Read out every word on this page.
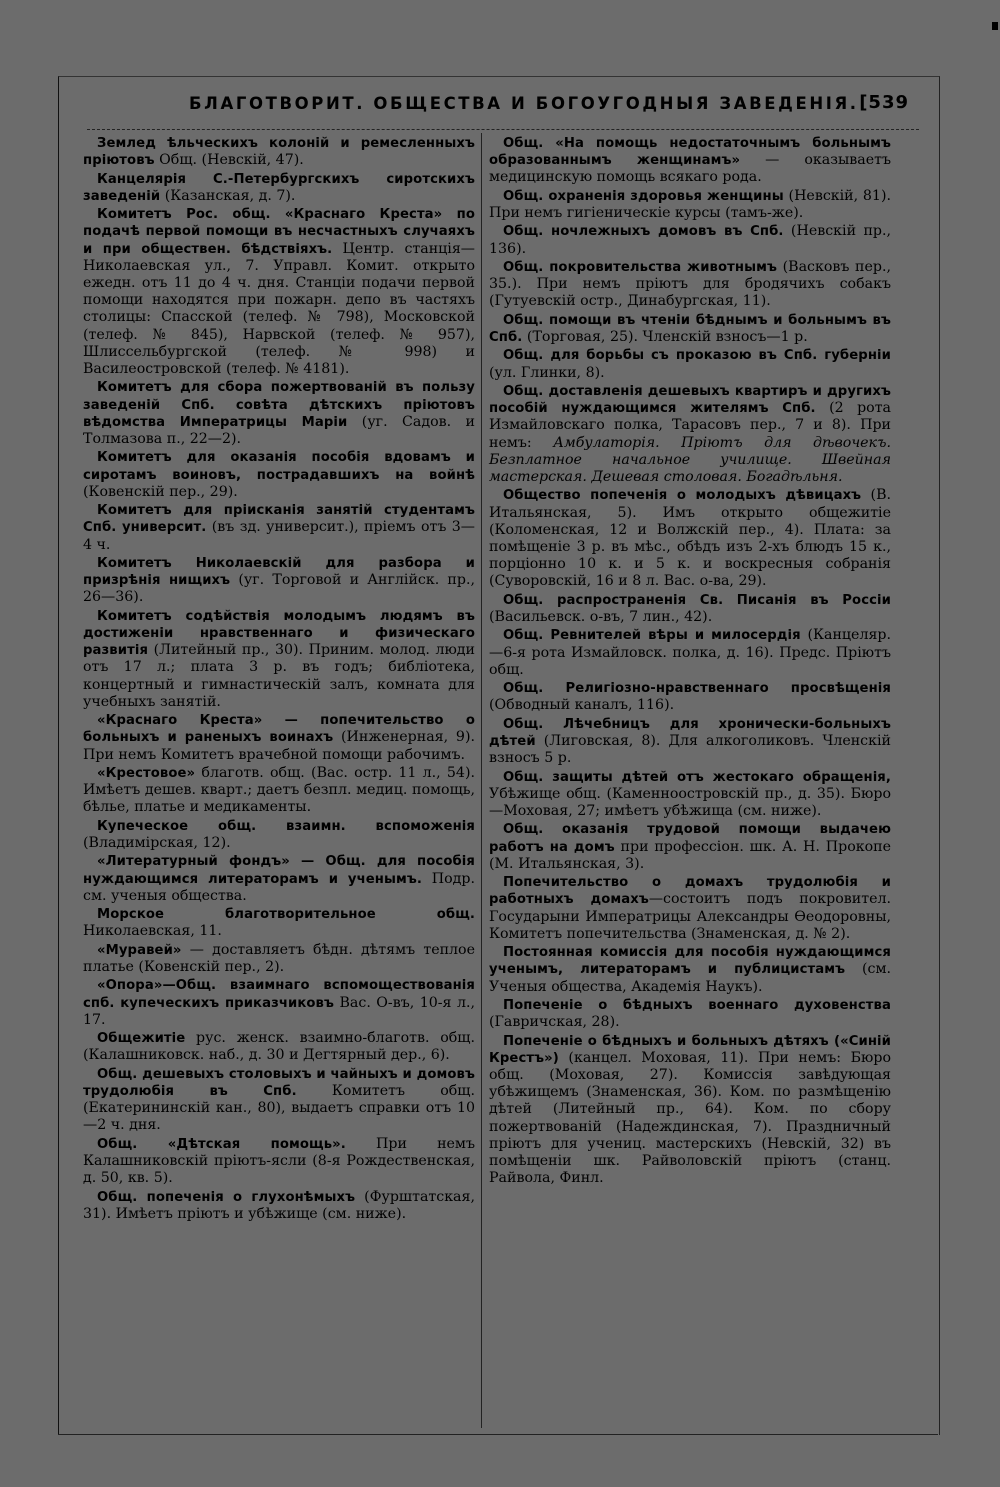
БЛАГОТВОРИТ. ОБЩЕСТВА И БОГОУГОДНЫЯ ЗАВЕДЕНІЯ. [539

Землед ѣльческихъ колоній и ремесленныхъ пріютовъ Общ. (Невскій, 47).

Канцелярія С.-Петербургскихъ сиротскихъ заведеній (Казанская, д. 7).

Комитетъ Рос. общ. «Краснаго Креста» по подачѣ первой помощи въ несчастныхъ случаяхъ и при обществен. бѣдствіяхъ. Центр. станція—Николаевская ул., 7. Управл. Комит. открыто ежедн. отъ 11 до 4 ч. дня. Станціи подачи первой помощи находятся при пожарн. депо въ частяхъ столицы: Спасской (телеф. № 798), Московской (телеф. № 845), Нарвской (телеф. № 957), Шлиссельбургской (телеф. № 998) и Василеостровской (телеф. № 4181).

Комитетъ для сбора пожертвованій въ пользу заведеній Спб. совѣта дѣтскихъ пріютовъ вѣдомства Императрицы Маріи (уг. Садов. и Толмазова п., 22—2).

Комитетъ для оказанія пособія вдовамъ и сиротамъ воиновъ, пострадавшихъ на войнѣ (Ковенскій пер., 29).

Комитетъ для пріисканія занятій студентамъ Спб. университ. (въ зд. университ.), пріемъ отъ 3—4 ч.

Комитетъ Николаевскій для разбора и призрѣнія нищихъ (уг. Торговой и Англійск. пр., 26—36).

Комитетъ содѣйствія молодымъ людямъ въ достиженіи нравственнаго и физическаго развитія (Литейный пр., 30). Приним. молод. люди отъ 17 л.; плата 3 р. въ годъ; библіотека, концертный и гимнастическій залъ, комната для учебныхъ занятій.

«Краснаго Креста» — попечительство о больныхъ и раненыхъ воинахъ (Инженерная, 9). При немъ Комитетъ врачебной помощи рабочимъ.

«Крестовое» благотв. общ. (Вас. остр. 11 л., 54). Имѣетъ дешев. кварт.; даетъ безпл. медиц. помощь, бѣлье, платье и медикаменты.

Купеческое общ. взаимн. вспоможенія (Владимірская, 12).

«Литературный фондъ» — Общ. для пособія нуждающимся литераторамъ и ученымъ. Подр. см. ученыя общества.

Морское благотворительное общ. Николаевская, 11.

«Муравей» — доставляетъ бѣдн. дѣтямъ теплое платье (Ковенскій пер., 2).

«Опора»—Общ. взаимнаго вспомоществованія спб. купеческихъ приказчиковъ Вас. О-въ, 10-я л., 17.

Общежитіе рус. женск. взаимно-благотв. общ. (Калашниковск. наб., д. 30 и Дегтярный дер., 6).

Общ. дешевыхъ столовыхъ и чайныхъ и домовъ трудолюбія въ Спб. Комитетъ общ. (Екатерининскій кан., 80), выдаетъ справки отъ 10—2 ч. дня.

Общ. «Дѣтская помощь». При немъ Калашниковскій пріютъ-ясли (8-я Рождественская, д. 50, кв. 5).

Общ. попеченія о глухонѣмыхъ (Фурштатская, 31). Имѣетъ пріютъ и убѣжище (см. ниже).

Общ. «На помощь недостаточнымъ больнымъ образованнымъ женщинамъ» — оказываетъ медицинскую помощь всякаго рода.

Общ. охраненія здоровья женщины (Невскій, 81). При немъ гигіеническіе курсы (тамъ-же).

Общ. ночлежныхъ домовъ въ Спб. (Невскій пр., 136).

Общ. покровительства животнымъ (Васковъ пер., 35.). При немъ пріютъ для бродячихъ собакъ (Гутуевскій остр., Динабургская, 11).

Общ. помощи въ чтеніи бѣднымъ и больнымъ въ Спб. (Торговая, 25). Членскій взносъ—1 р.

Общ. для борьбы съ проказою въ Спб. губерніи (ул. Глинки, 8).

Общ. доставленія дешевыхъ квартиръ и другихъ пособій нуждающимся жителямъ Спб. (2 рота Измайловскаго полка, Тарасовъ пер., 7 и 8). При немъ: Амбулаторія. Пріютъ для дѣвочекъ. Безплатное начальное училище. Швейная мастерская. Дешевая столовая. Богадѣльня.

Общество попеченія о молодыхъ дѣвицахъ (В. Итальянская, 5). Имъ открыто общежитіе (Коломенская, 12 и Волжскій пер., 4). Плата: за помѣщеніе 3 р. въ мѣс., обѣдъ изъ 2-хъ блюдъ 15 к., порціонно 10 к. и 5 к. и воскресныя собранія (Суворовскій, 16 и 8 л. Вас. о-ва, 29).

Общ. распространенія Св. Писанія въ Россіи (Васильевск. о-въ, 7 лин., 42).

Общ. Ревнителей вѣры и милосердія (Канцеляр.—6-я рота Измайловск. полка, д. 16). Предс. Пріютъ общ.

Общ. Религіозно-нравственнаго просвѣщенія (Обводный каналъ, 116).

Общ. Лѣчебницъ для хронически-больныхъ дѣтей (Лиговская, 8). Для алкоголиковъ. Членскій взносъ 5 р.

Общ. защиты дѣтей отъ жестокаго обращенія, Убѣжище общ. (Каменноостровскій пр., д. 35). Бюро—Моховая, 27; имѣетъ убѣжища (см. ниже).

Общ. оказанія трудовой помощи выдачею работъ на домъ при профессіон. шк. А. Н. Прокопе (М. Итальянская, 3).

Попечительство о домахъ трудолюбія и работныхъ домахъ—состоитъ подъ покровител. Государыни Императрицы Александры Ѳеодоровны, Комитетъ попечительства (Знаменская, д. № 2).

Постоянная комиссія для пособія нуждающимся ученымъ, литераторамъ и публицистамъ (см. Ученыя общества, Академія Наукъ).

Попеченіе о бѣдныхъ военнаго духовенства (Гавричская, 28).

Попеченіе о бѣдныхъ и больныхъ дѣтяхъ («Синій Крестъ») (канцел. Моховая, 11). При немъ: Бюро общ. (Моховая, 27). Комиссія завѣдующая убѣжищемъ (Знаменская, 36). Ком. по размѣщенію дѣтей (Литейный пр., 64). Ком. по сбору пожертвованій (Надеждинская, 7). Праздничный пріютъ для учениц. мастерскихъ (Невскій, 32) въ помѣщеніи шк. Райволовскій пріютъ (станц. Райвола, Финл.
